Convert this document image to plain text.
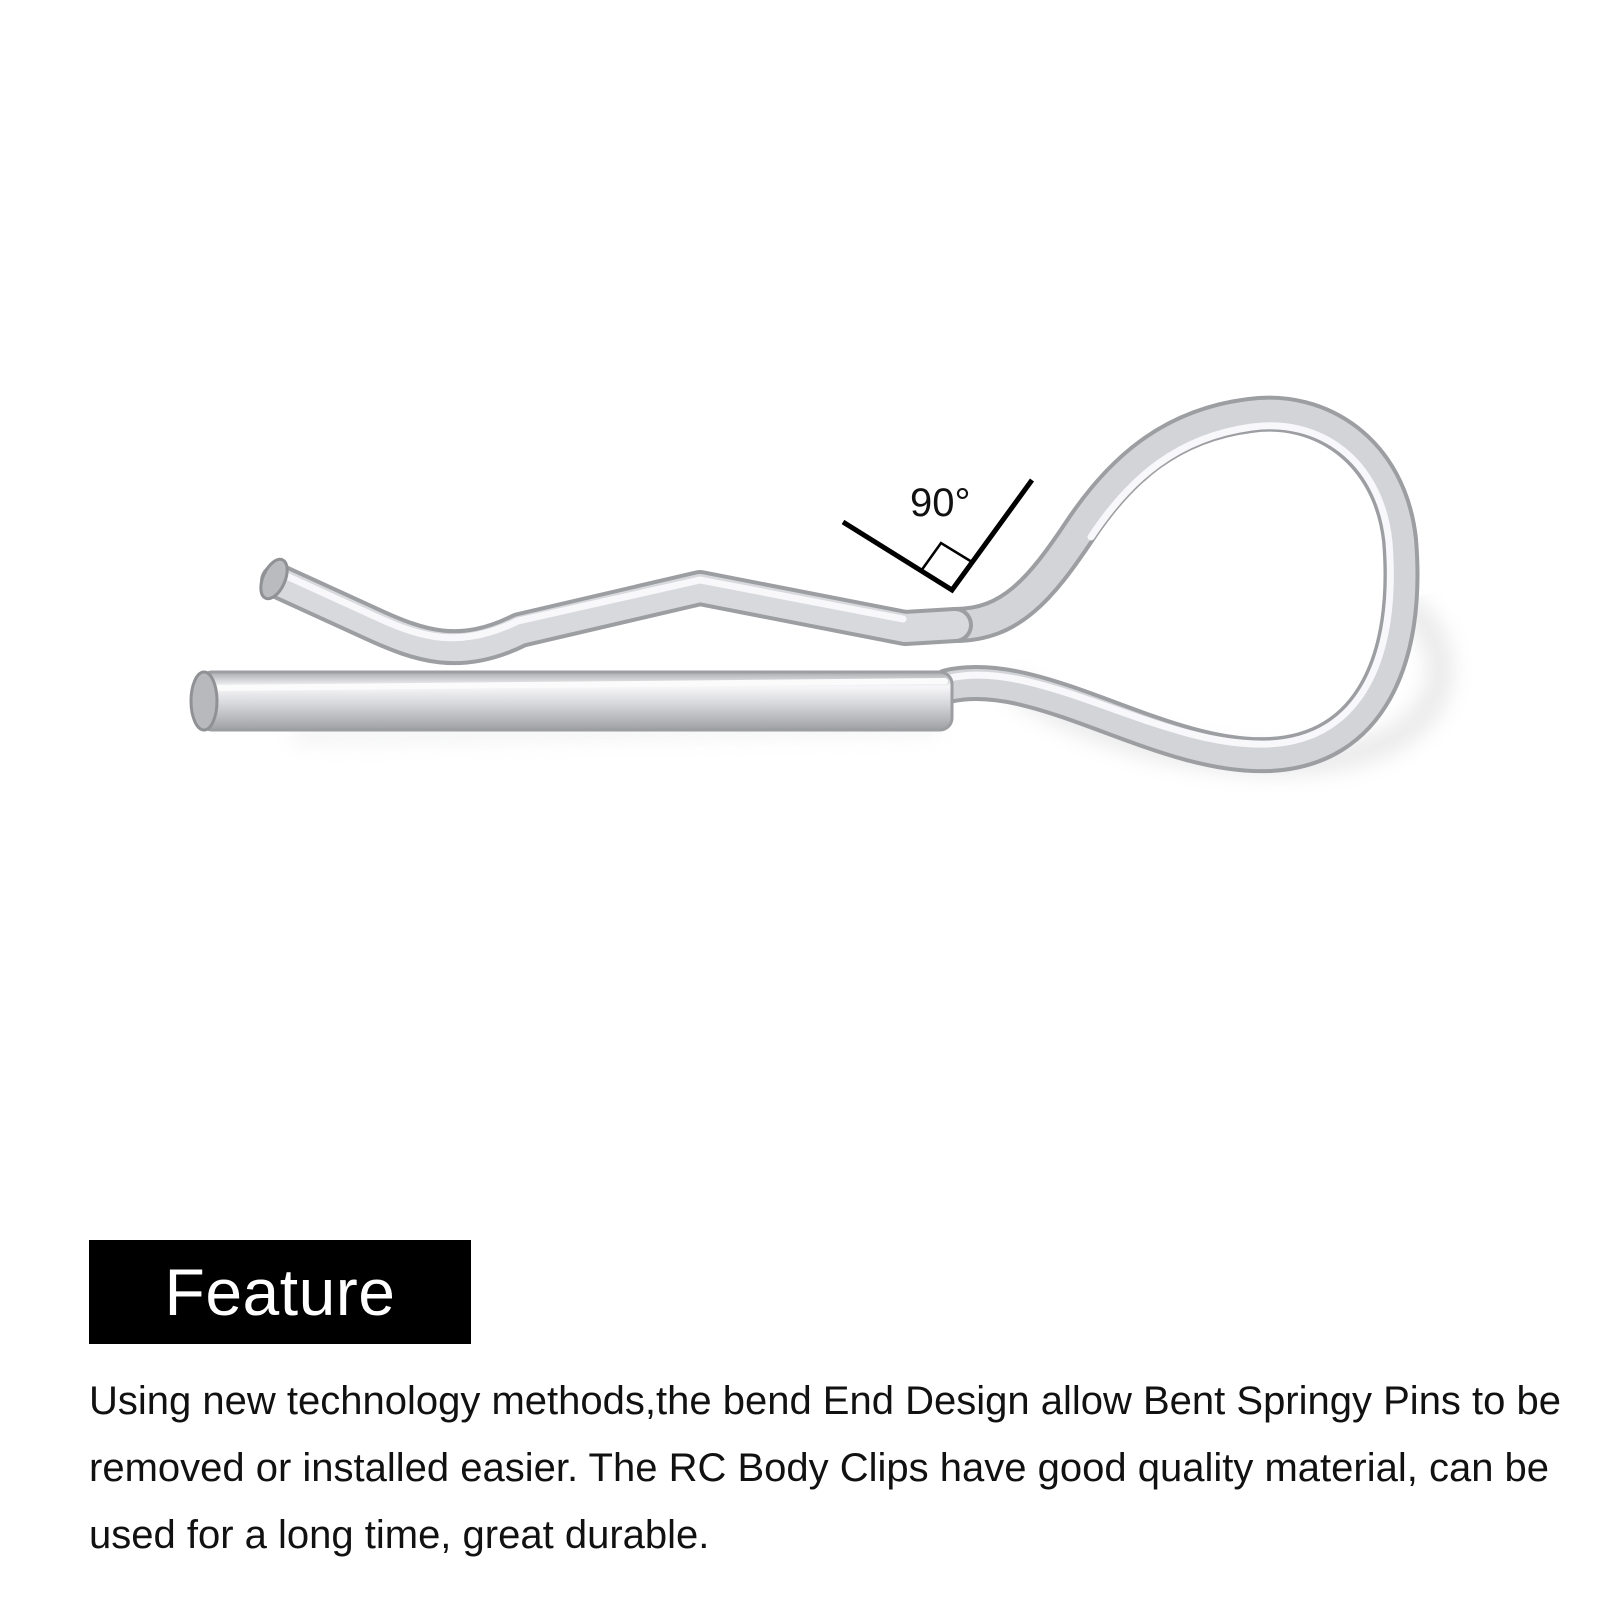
90°
Feature

Using new technology methods,the bend End Design allow Bent Springy Pins to be removed or installed easier. The RC Body Clips have good quality material, can be used for a long time, great durable.
